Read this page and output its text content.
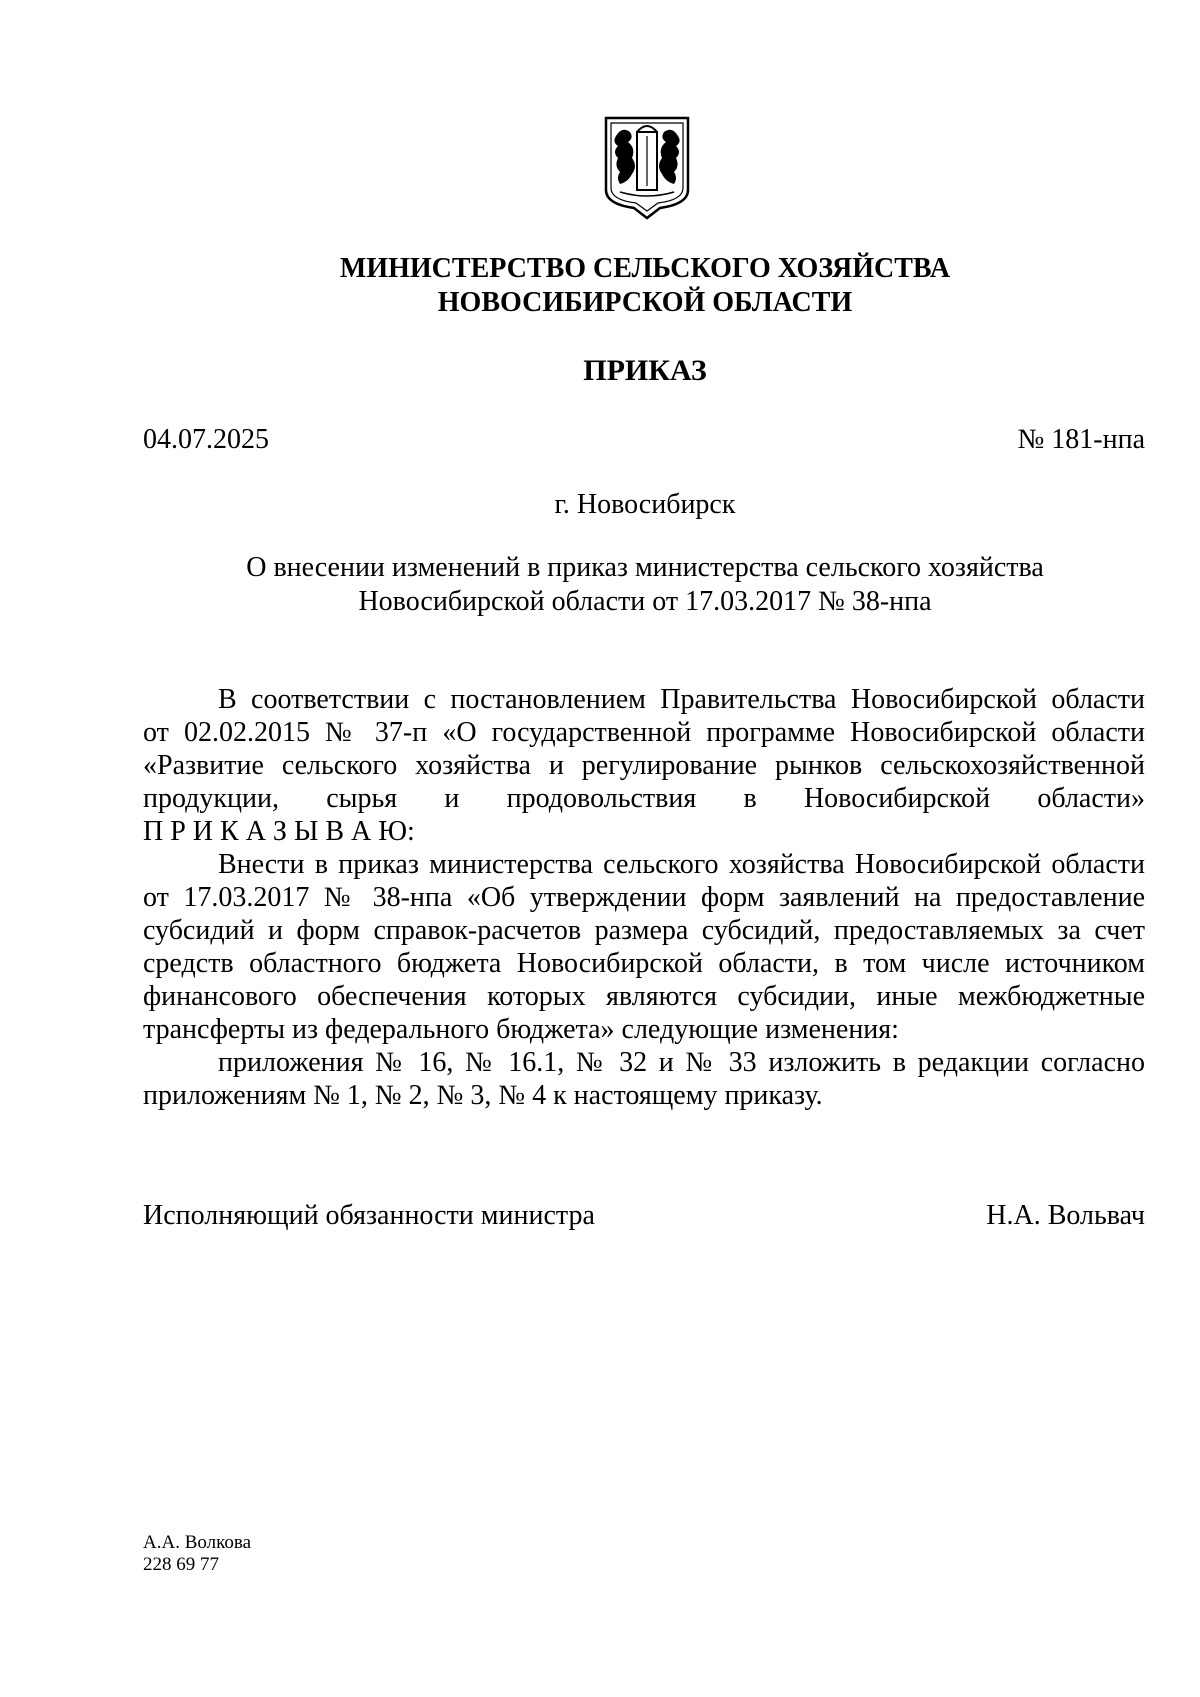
МИНИСТЕРСТВО СЕЛЬСКОГО ХОЗЯЙСТВА
НОВОСИБИРСКОЙ ОБЛАСТИ
ПРИКАЗ
04.07.2025	№ 181-нпа
г. Новосибирск
О внесении изменений в приказ министерства сельского хозяйства
Новосибирской области от 17.03.2017 № 38-нпа
В соответствии с постановлением Правительства Новосибирской области
от 02.02.2015 № 37-п «О государственной программе Новосибирской области
«Развитие сельского хозяйства и регулирование рынков сельскохозяйственной
продукции, сырья и продовольствия в Новосибирской области»
П Р И К А З Ы В А Ю:
Внести в приказ министерства сельского хозяйства Новосибирской области
от 17.03.2017 № 38-нпа «Об утверждении форм заявлений на предоставление
субсидий и форм справок-расчетов размера субсидий, предоставляемых за счет
средств областного бюджета Новосибирской области, в том числе источником
финансового обеспечения которых являются субсидии, иные межбюджетные
трансферты из федерального бюджета» следующие изменения:
приложения № 16, № 16.1, № 32 и № 33 изложить в редакции согласно
приложениям № 1, № 2, № 3, № 4 к настоящему приказу.
Исполняющий обязанности министра	Н.А. Вольвач
А.А. Волкова
228 69 77
